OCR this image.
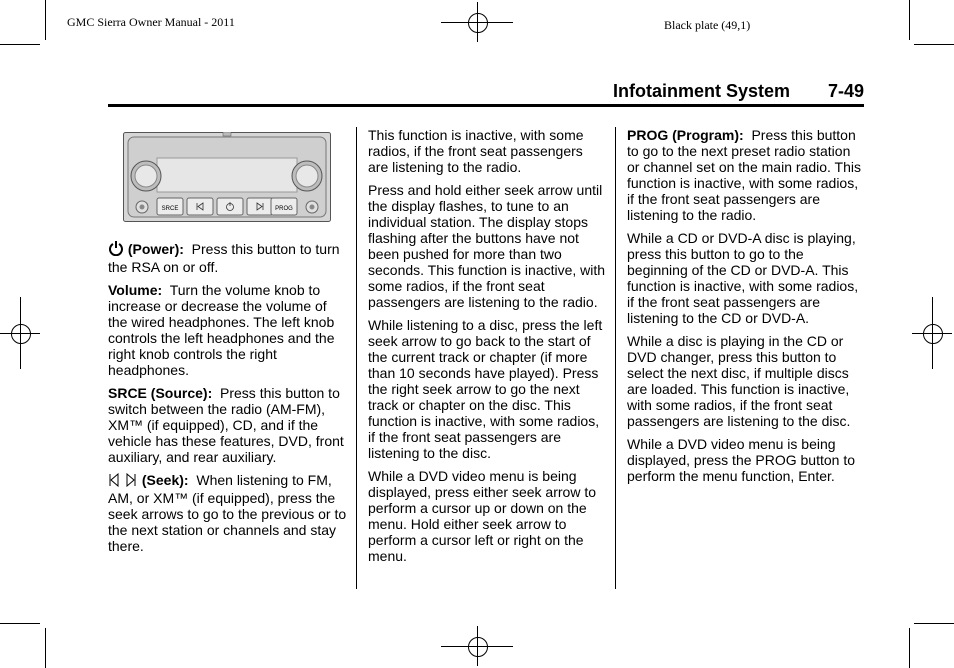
GMC Sierra Owner Manual - 2011	Black plate (49,1)
Infotainment System 7-49
SRCE	PROG

(Power): Press this button to turn the RSA on or off.

Volume: Turn the volume knob to increase or decrease the volume of the wired headphones. The left knob controls the left headphones and the right knob controls the right headphones.

SRCE (Source): Press this button to switch between the radio (AM-FM), XM™ (if equipped), CD, and if the vehicle has these features, DVD, front auxiliary, and rear auxiliary.

(Seek): When listening to FM, AM, or XM™ (if equipped), press the seek arrows to go to the previous or to the next station or channels and stay there.

This function is inactive, with some radios, if the front seat passengers are listening to the radio.

Press and hold either seek arrow until the display flashes, to tune to an individual station. The display stops flashing after the buttons have not been pushed for more than two seconds. This function is inactive, with some radios, if the front seat passengers are listening to the radio.

While listening to a disc, press the left seek arrow to go back to the start of the current track or chapter (if more than 10 seconds have played). Press the right seek arrow to go the next track or chapter on the disc. This function is inactive, with some radios, if the front seat passengers are listening to the disc.

While a DVD video menu is being displayed, press either seek arrow to perform a cursor up or down on the menu. Hold either seek arrow to perform a cursor left or right on the menu.

PROG (Program): Press this button to go to the next preset radio station or channel set on the main radio. This function is inactive, with some radios, if the front seat passengers are listening to the radio.

While a CD or DVD-A disc is playing, press this button to go to the beginning of the CD or DVD-A. This function is inactive, with some radios, if the front seat passengers are listening to the CD or DVD-A.

While a disc is playing in the CD or DVD changer, press this button to select the next disc, if multiple discs are loaded. This function is inactive, with some radios, if the front seat passengers are listening to the disc.

While a DVD video menu is being displayed, press the PROG button to perform the menu function, Enter.
